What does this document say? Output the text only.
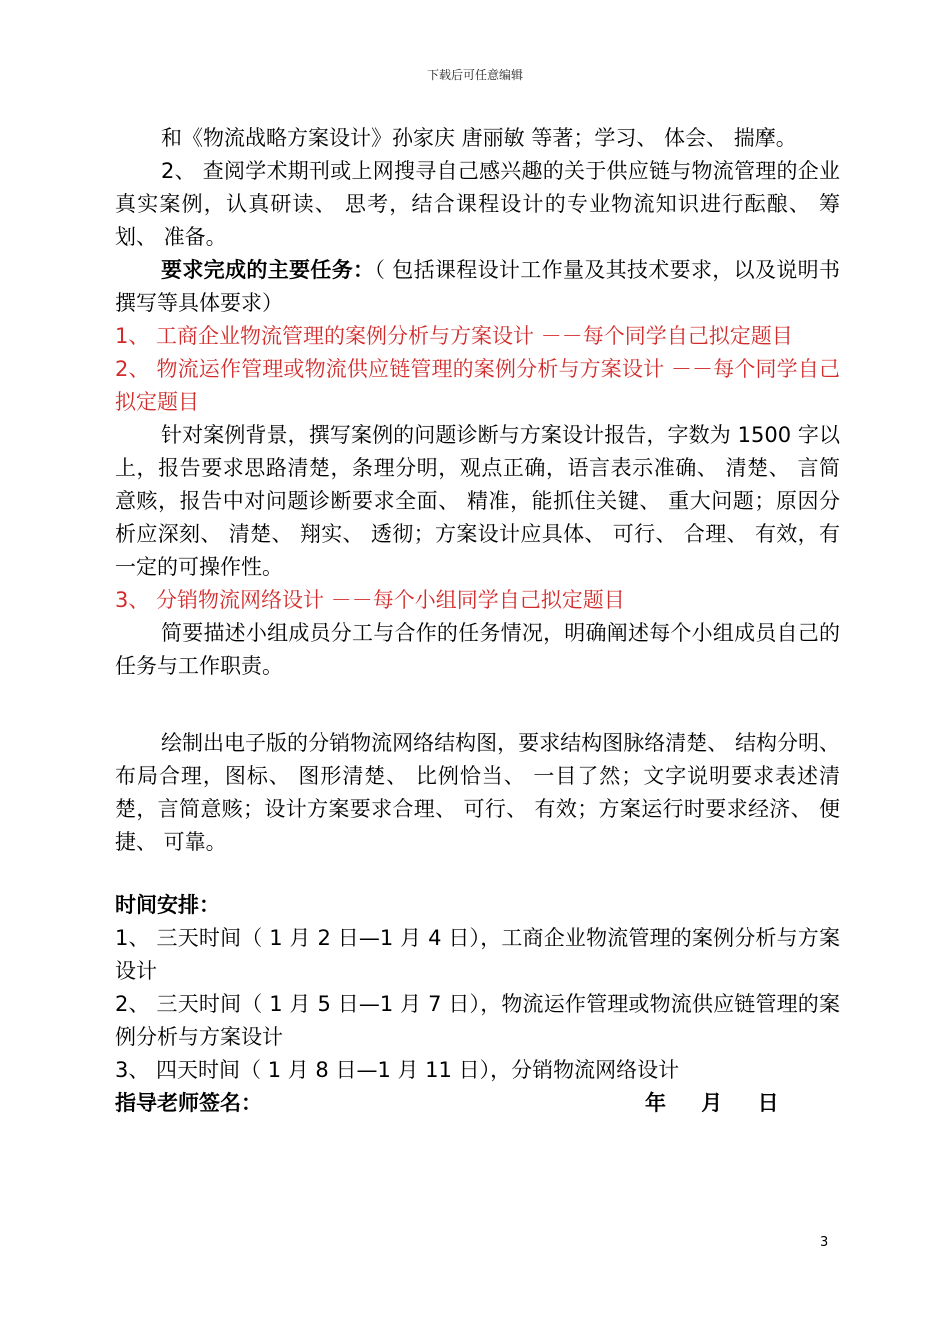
下载后可任意编辑

和《物流战略方案设计》孙家庆 唐丽敏 等著；学习、 体会、 揣摩。

2、 查阅学术期刊或上网搜寻自己感兴趣的关于供应链与物流管理的企业真实案例，认真研读、 思考，结合课程设计的专业物流知识进行酝酿、 筹划、 准备。

要求完成的主要任务：（ 包括课程设计工作量及其技术要求，以及说明书撰写等具体要求）

1、 工商企业物流管理的案例分析与方案设计 －－每个同学自己拟定题目

2、 物流运作管理或物流供应链管理的案例分析与方案设计 －－每个同学自己拟定题目

针对案例背景，撰写案例的问题诊断与方案设计报告，字数为 1500 字以上，报告要求思路清楚，条理分明，观点正确，语言表示准确、 清楚、 言简意赅，报告中对问题诊断要求全面、 精准，能抓住关键、 重大问题；原因分析应深刻、 清楚、 翔实、 透彻；方案设计应具体、 可行、 合理、 有效，有一定的可操作性。

3、 分销物流网络设计 －－每个小组同学自己拟定题目

简要描述小组成员分工与合作的任务情况，明确阐述每个小组成员自己的任务与工作职责。

绘制出电子版的分销物流网络结构图，要求结构图脉络清楚、 结构分明、 布局合理，图标、 图形清楚、 比例恰当、 一目了然；文字说明要求表述清楚，言简意赅；设计方案要求合理、 可行、 有效；方案运行时要求经济、 便捷、 可靠。

时间安排：

1、 三天时间（ 1 月 2 日—1 月 4 日），工商企业物流管理的案例分析与方案设计

2、 三天时间（ 1 月 5 日—1 月 7 日），物流运作管理或物流供应链管理的案例分析与方案设计

3、 四天时间（ 1 月 8 日—1 月 11 日），分销物流网络设计

指导老师签名：	年 月 日
3
